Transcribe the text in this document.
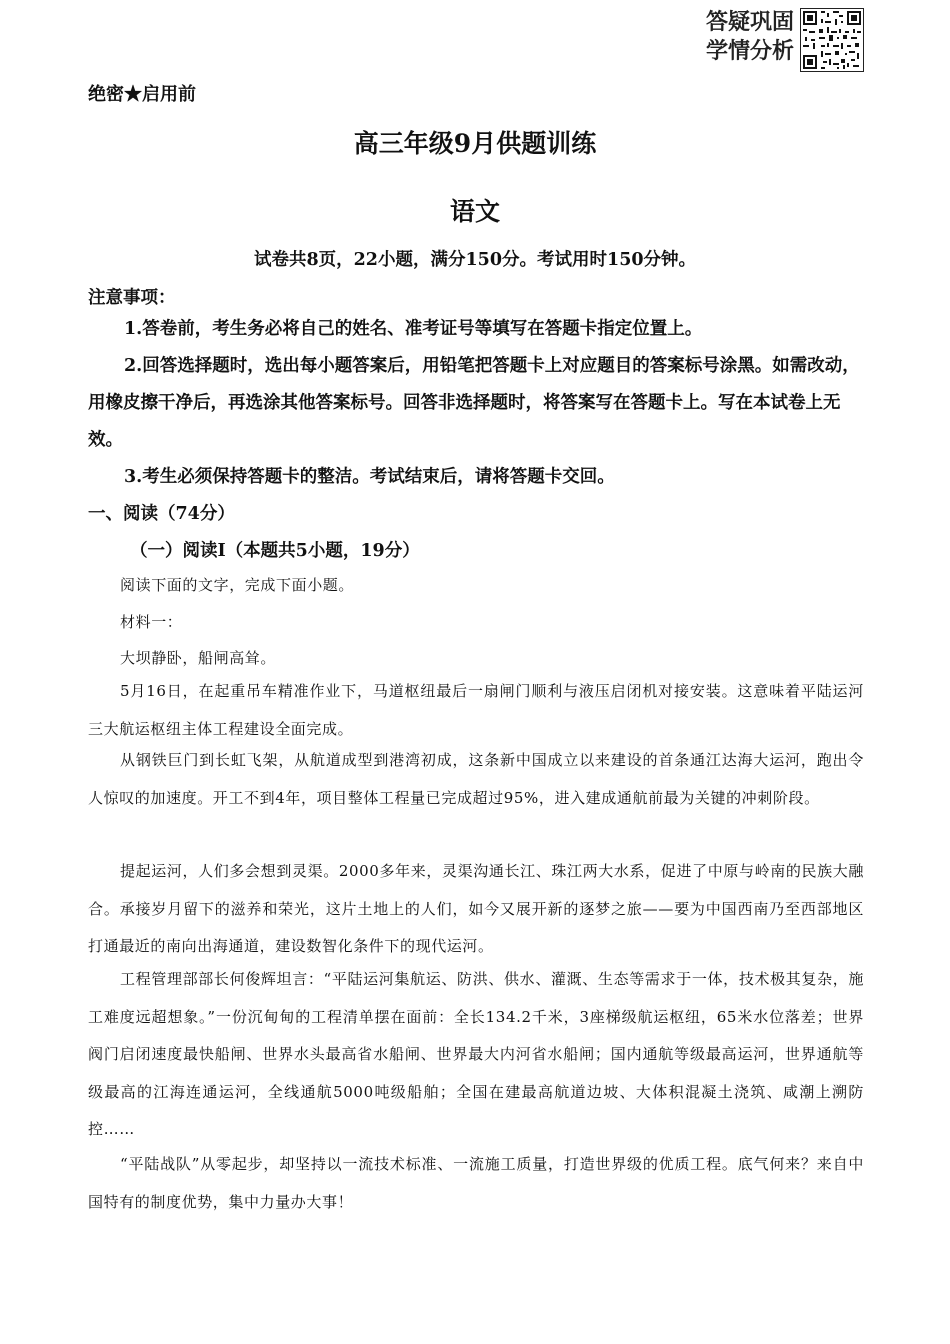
答疑巩固
学情分析
绝密★启用前
高三年级9月供题训练
语文
试卷共8页，22小题，满分150分。考试用时150分钟。
注意事项：
1.答卷前，考生务必将自己的姓名、准考证号等填写在答题卡指定位置上。
2.回答选择题时，选出每小题答案后，用铅笔把答题卡上对应题目的答案标号涂黑。如需改动，用橡皮擦干净后，再选涂其他答案标号。回答非选择题时，将答案写在答题卡上。写在本试卷上无效。
3.考生必须保持答题卡的整洁。考试结束后，请将答题卡交回。
一、阅读（74分）
（一）阅读Ⅰ（本题共5小题，19分）
阅读下面的文字，完成下面小题。
材料一：
大坝静卧，船闸高耸。
5月16日，在起重吊车精准作业下，马道枢纽最后一扇闸门顺利与液压启闭机对接安装。这意味着平陆运河三大航运枢纽主体工程建设全面完成。
从钢铁巨门到长虹飞架，从航道成型到港湾初成，这条新中国成立以来建设的首条通江达海大运河，跑出令人惊叹的加速度。开工不到4年，项目整体工程量已完成超过95%，进入建成通航前最为关键的冲刺阶段。
提起运河，人们多会想到灵渠。2000多年来，灵渠沟通长江、珠江两大水系，促进了中原与岭南的民族大融合。承接岁月留下的滋养和荣光，这片土地上的人们，如今又展开新的逐梦之旅——要为中国西南乃至西部地区打通最近的南向出海通道，建设数智化条件下的现代运河。
工程管理部部长何俊辉坦言：“平陆运河集航运、防洪、供水、灌溉、生态等需求于一体，技术极其复杂，施工难度远超想象。”一份沉甸甸的工程清单摆在面前：全长134.2千米，3座梯级航运枢纽，65米水位落差；世界阀门启闭速度最快船闸、世界水头最高省水船闸、世界最大内河省水船闸；国内通航等级最高运河，世界通航等级最高的江海连通运河，全线通航5000吨级船舶；全国在建最高航道边坡、大体积混凝土浇筑、咸潮上溯防控……
“平陆战队”从零起步，却坚持以一流技术标准、一流施工质量，打造世界级的优质工程。底气何来？来自中国特有的制度优势，集中力量办大事！
